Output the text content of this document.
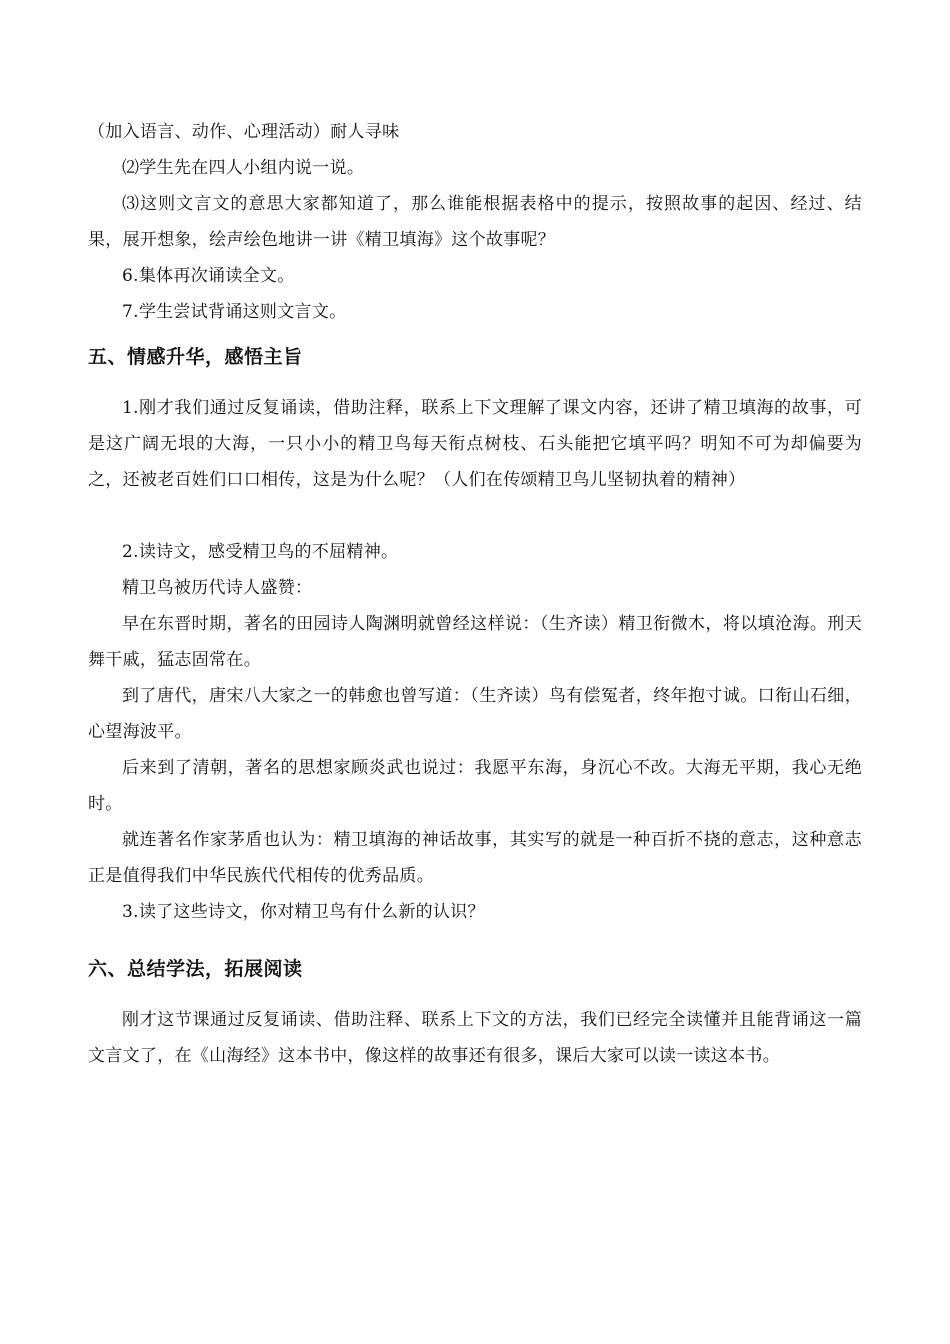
（加入语言、动作、心理活动）耐人寻味

⑵学生先在四人小组内说一说。

⑶这则文言文的意思大家都知道了，那么谁能根据表格中的提示，按照故事的起因、经过、结果，展开想象，绘声绘色地讲一讲《精卫填海》这个故事呢？

6.集体再次诵读全文。

7.学生尝试背诵这则文言文。

五、情感升华，感悟主旨

1.刚才我们通过反复诵读，借助注释，联系上下文理解了课文内容，还讲了精卫填海的故事，可是这广阔无垠的大海，一只小小的精卫鸟每天衔点树枝、石头能把它填平吗？明知不可为却偏要为之，还被老百姓们口口相传，这是为什么呢？（人们在传颂精卫鸟儿坚韧执着的精神）

2.读诗文，感受精卫鸟的不屈精神。

精卫鸟被历代诗人盛赞：

早在东晋时期，著名的田园诗人陶渊明就曾经这样说：（生齐读）精卫衔微木，将以填沧海。刑天舞干戚，猛志固常在。

到了唐代，唐宋八大家之一的韩愈也曾写道：（生齐读）鸟有偿冤者，终年抱寸诚。口衔山石细，心望海波平。

后来到了清朝，著名的思想家顾炎武也说过：我愿平东海，身沉心不改。大海无平期，我心无绝时。

就连著名作家茅盾也认为：精卫填海的神话故事，其实写的就是一种百折不挠的意志，这种意志正是值得我们中华民族代代相传的优秀品质。

3.读了这些诗文，你对精卫鸟有什么新的认识？

六、总结学法，拓展阅读

刚才这节课通过反复诵读、借助注释、联系上下文的方法，我们已经完全读懂并且能背诵这一篇文言文了，在《山海经》这本书中，像这样的故事还有很多，课后大家可以读一读这本书。
